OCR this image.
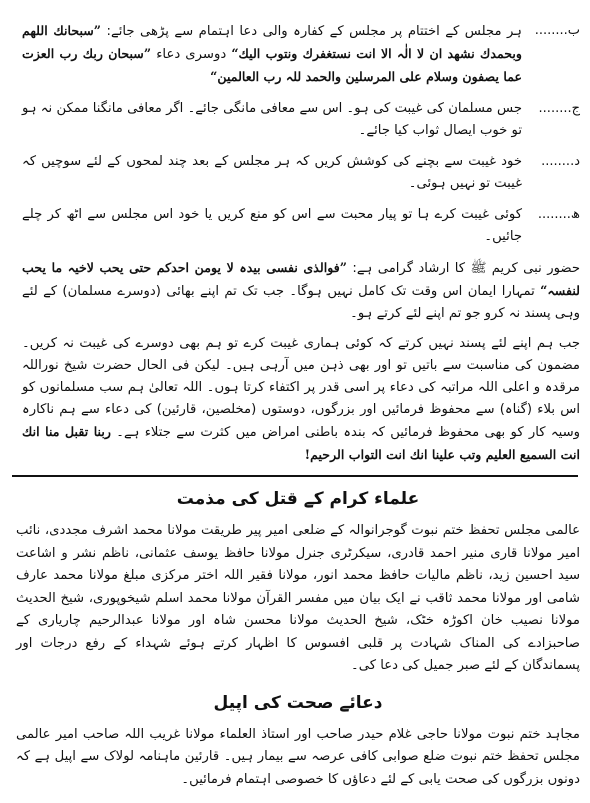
ب........
ہر مجلس کے اختتام پر مجلس کے کفارہ والی دعا اہتمام سے پڑھی جائے: ”سبحانك اللھم وبحمدك نشھد ان لا الٰہ الا انت نستغفرك ونتوب الیك“ دوسری دعاء ”سبحان ربك رب العزت عما یصفون وسلام علی المرسلین والحمد للہ رب العالمین“
ج........
جس مسلمان کی غیبت کی ہو۔ اس سے معافی مانگی جائے۔ اگر معافی مانگنا ممکن نہ ہو تو خوب ایصال ثواب کیا جائے۔
د........
خود غیبت سے بچنے کی کوشش کریں کہ ہر مجلس کے بعد چند لمحوں کے لئے سوچیں کہ غیبت تو نہیں ہوئی۔
ھ........
کوئی غیبت کرے ہا تو پیار محبت سے اس کو منع کریں یا خود اس مجلس سے اٹھ کر چلے جائیں۔

حضور نبی کریم ﷺ کا ارشاد گرامی ہے: ”فوالذی نفسی بیدہ لا یومن احدکم حتی یحب لاخیہ ما یحب لنفسہ“ تمہارا ایمان اس وقت تک کامل نہیں ہوگا۔ جب تک تم اپنے بھائی (دوسرے مسلمان) کے لئے وہی پسند نہ کرو جو تم اپنے لئے کرتے ہو۔

جب ہم اپنے لئے پسند نہیں کرتے کہ کوئی ہماری غیبت کرے تو ہم بھی دوسرے کی غیبت نہ کریں۔ مضمون کی مناسبت سے باتیں تو اور بھی ذہن میں آرہی ہیں۔ لیکن فی الحال حضرت شیخ نوراللہ مرقدہ و اعلی اللہ مراتبہ کی دعاء پر اسی قدر پر اکتفاء کرتا ہوں۔ اللہ تعالیٰ ہم سب مسلمانوں کو اس بلاء (گناہ) سے محفوظ فرمائیں اور بزرگوں، دوستوں (مخلصین، قارئین) کی دعاء سے ہم ناکارہ وسیہ کار کو بھی محفوظ فرمائیں کہ بندہ باطنی امراض میں کثرت سے جتلاء ہے۔ ربنا تقبل منا انك انت السمیع العلیم وتب علینا انك انت التواب الرحیم!

علماء کرام کے قتل کی مذمت

عالمی مجلس تحفظ ختم نبوت گوجرانوالہ کے ضلعی امیر پیر طریقت مولانا محمد اشرف مجددی، نائب امیر مولانا قاری منیر احمد قادری، سیکرٹری جنرل مولانا حافظ یوسف عثمانی، ناظم نشر و اشاعت سید احسین زید، ناظم مالیات حافظ محمد انور، مولانا فقیر اللہ اختر مرکزی مبلغ مولانا محمد عارف شامی اور مولانا محمد ثاقب نے ایک بیان میں مفسر القرآن مولانا محمد اسلم شیخوپوری، شیخ الحدیث مولانا نصیب خان اکوڑہ خٹک، شیخ الحدیث مولانا محسن شاہ اور مولانا عبدالرحیم چاریاری کے صاحبزادے کی المناک شہادت پر قلبی افسوس کا اظہار کرتے ہوئے شہداء کے رفع درجات اور پسماندگان کے لئے صبر جمیل کی دعا کی۔

دعائے صحت کی اپیل

مجاہد ختم نبوت مولانا حاجی غلام حیدر صاحب اور استاذ العلماء مولانا غریب اللہ صاحب امیر عالمی مجلس تحفظ ختم نبوت ضلع صوابی کافی عرصہ سے بیمار ہیں۔ قارئین ماہنامہ لولاک سے اپیل ہے کہ دونوں بزرگوں کی صحت یابی کے لئے دعاؤں کا خصوصی اہتمام فرمائیں۔
